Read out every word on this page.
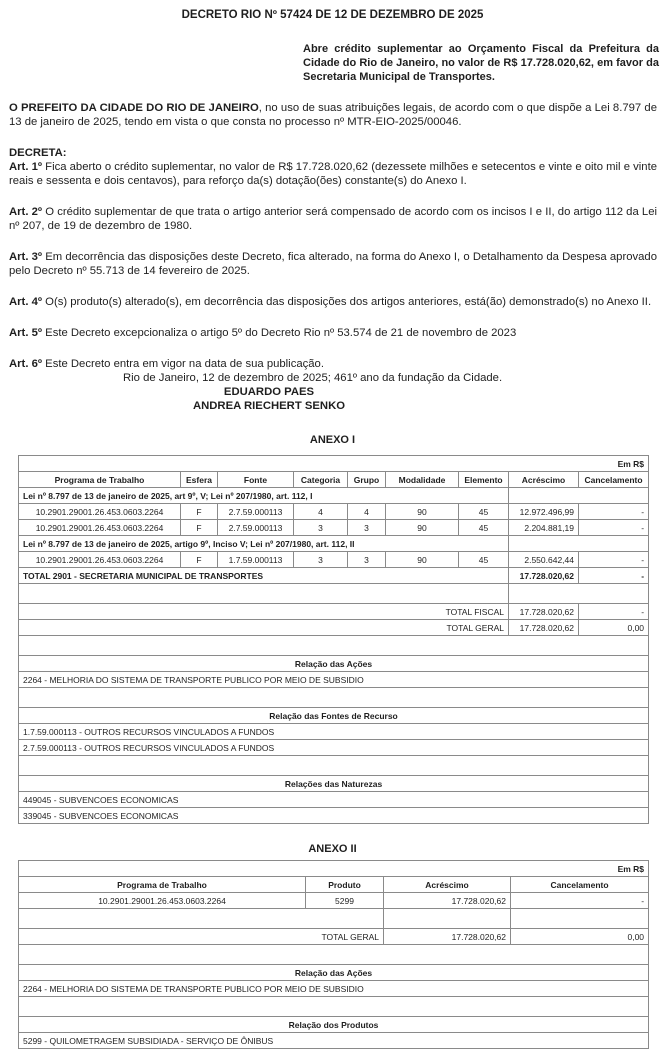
DECRETO RIO Nº 57424 DE 12 DE DEZEMBRO DE 2025
Abre crédito suplementar ao Orçamento Fiscal da Prefeitura da Cidade do Rio de Janeiro, no valor de R$ 17.728.020,62, em favor da Secretaria Municipal de Transportes.

O PREFEITO DA CIDADE DO RIO DE JANEIRO, no uso de suas atribuições legais, de acordo com o que dispõe a Lei 8.797 de 13 de janeiro de 2025, tendo em vista o que consta no processo nº MTR-EIO-2025/00046.

DECRETA:
Art. 1º Fica aberto o crédito suplementar, no valor de R$ 17.728.020,62 (dezessete milhões e setecentos e vinte e oito mil e vinte reais e sessenta e dois centavos), para reforço da(s) dotação(ões) constante(s) do Anexo I.

Art. 2º O crédito suplementar de que trata o artigo anterior será compensado de acordo com os incisos I e II, do artigo 112 da Lei nº 207, de 19 de dezembro de 1980.

Art. 3º Em decorrência das disposições deste Decreto, fica alterado, na forma do Anexo I, o Detalhamento da Despesa aprovado pelo Decreto nº 55.713 de 14 fevereiro de 2025.

Art. 4º O(s) produto(s) alterado(s), em decorrência das disposições dos artigos anteriores, está(ão) demonstrado(s) no Anexo II.

Art. 5º Este Decreto excepcionaliza o artigo 5º do Decreto Rio nº 53.574 de 21 de novembro de 2023

Art. 6º Este Decreto entra em vigor na data de sua publicação.

Rio de Janeiro, 12 de dezembro de 2025; 461º ano da fundação da Cidade.
EDUARDO PAES
ANDREA RIECHERT SENKO
ANEXO I
Em R$								
Programa de Trabalho	Esfera	Fonte	Categoria	Grupo	Modalidade	Elemento	Acréscimo	Cancelamento
Lei nº 8.797 de 13 de janeiro de 2025, art 9º, V; Lei nº 207/1980, art. 112, I								
10.2901.29001.26.453.0603.2264	F	2.7.59.000113	4	4	90	45	12.972.496,99	-
10.2901.29001.26.453.0603.2264	F	2.7.59.000113	3	3	90	45	2.204.881,19	-
Lei nº 8.797 de 13 de janeiro de 2025, artigo 9º, Inciso V; Lei nº 207/1980, art. 112, II								
10.2901.29001.26.453.0603.2264	F	1.7.59.000113	3	3	90	45	2.550.642,44	-
TOTAL 2901 - SECRETARIA MUNICIPAL DE TRANSPORTES							17.728.020,62	-

TOTAL FISCAL							17.728.020,62	-
TOTAL GERAL							17.728.020,62	0,00

Relação das Ações								
2264 - MELHORIA DO SISTEMA DE TRANSPORTE PUBLICO POR MEIO DE SUBSIDIO								

Relação das Fontes de Recurso								
1.7.59.000113 - OUTROS RECURSOS VINCULADOS A FUNDOS								
2.7.59.000113 - OUTROS RECURSOS VINCULADOS A FUNDOS								

Relações das Naturezas								
449045 - SUBVENCOES ECONOMICAS								
339045 - SUBVENCOES ECONOMICAS								
ANEXO II
Em R$			
Programa de Trabalho	Produto	Acréscimo	Cancelamento
10.2901.29001.26.453.0603.2264	5299	17.728.020,62	-

TOTAL GERAL		17.728.020,62	0,00

Relação das Ações			
2264 - MELHORIA DO SISTEMA DE TRANSPORTE PUBLICO POR MEIO DE SUBSIDIO			

Relação dos Produtos			
5299 - QUILOMETRAGEM SUBSIDIADA - SERVIÇO DE ÔNIBUS			
